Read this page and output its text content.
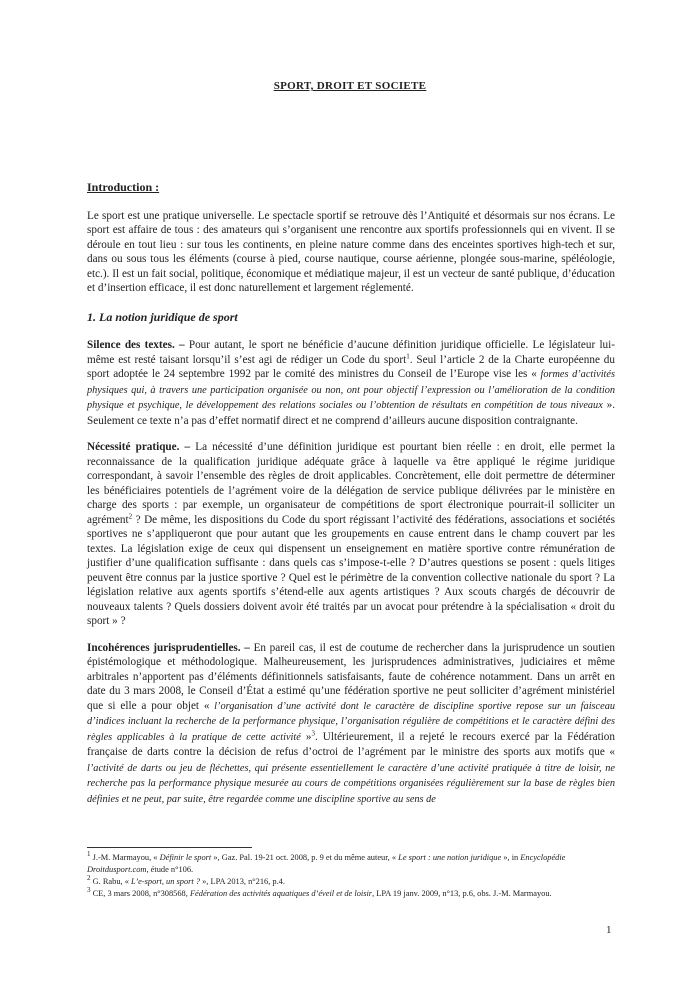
SPORT, DROIT ET SOCIETE
Introduction :

Le sport est une pratique universelle. Le spectacle sportif se retrouve dès l’Antiquité et désormais sur nos écrans. Le sport est affaire de tous : des amateurs qui s’organisent une rencontre aux sportifs professionnels qui en vivent. Il se déroule en tout lieu : sur tous les continents, en pleine nature comme dans des enceintes sportives high-tech et sur, dans ou sous tous les éléments (course à pied, course nautique, course aérienne, plongée sous-marine, spéléologie, etc.). Il est un fait social, politique, économique et médiatique majeur, il est un vecteur de santé publique, d’éducation et d’insertion efficace, il est donc naturellement et largement réglementé.

1. La notion juridique de sport

Silence des textes. – Pour autant, le sport ne bénéficie d’aucune définition juridique officielle. Le législateur lui-même est resté taisant lorsqu’il s’est agi de rédiger un Code du sport$^1$. Seul l’article 2 de la Charte européenne du sport adoptée le 24 septembre 1992 par le comité des ministres du Conseil de l’Europe vise les « formes d’activités physiques qui, à travers une participation organisée ou non, ont pour objectif l’expression ou l’amélioration de la condition physique et psychique, le développement des relations sociales ou l’obtention de résultats en compétition de tous niveaux ». Seulement ce texte n’a pas d’effet normatif direct et ne comprend d’ailleurs aucune disposition contraignante.

Nécessité pratique. – La nécessité d’une définition juridique est pourtant bien réelle : en droit, elle permet la reconnaissance de la qualification juridique adéquate grâce à laquelle va être appliqué le régime juridique correspondant, à savoir l’ensemble des règles de droit applicables. Concrètement, elle doit permettre de déterminer les bénéficiaires potentiels de l’agrément voire de la délégation de service publique délivrées par le ministère en charge des sports : par exemple, un organisateur de compétitions de sport électronique pourrait-il solliciter un agrément$^2$ ? De même, les dispositions du Code du sport régissant l’activité des fédérations, associations et sociétés sportives ne s’appliqueront que pour autant que les groupements en cause entrent dans le champ couvert par les textes. La législation exige de ceux qui dispensent un enseignement en matière sportive contre rémunération de justifier d’une qualification suffisante : dans quels cas s’impose-t-elle ? D’autres questions se posent : quels litiges peuvent être connus par la justice sportive ? Quel est le périmètre de la convention collective nationale du sport ? La législation relative aux agents sportifs s’étend-elle aux agents artistiques ? Aux scouts chargés de découvrir de nouveaux talents ? Quels dossiers doivent avoir été traités par un avocat pour prétendre à la spécialisation « droit du sport » ?

Incohérences jurisprudentielles. – En pareil cas, il est de coutume de rechercher dans la jurisprudence un soutien épistémologique et méthodologique. Malheureusement, les jurisprudences administratives, judiciaires et même arbitrales n’apportent pas d’éléments définitionnels satisfaisants, faute de cohérence notamment. Dans un arrêt en date du 3 mars 2008, le Conseil d’État a estimé qu’une fédération sportive ne peut solliciter d’agrément ministériel que si elle a pour objet « l’organisation d’une activité dont le caractère de discipline sportive repose sur un faisceau d’indices incluant la recherche de la performance physique, l’organisation régulière de compétitions et le caractère défini des règles applicables à la pratique de cette activité »$^3$. Ultérieurement, il a rejeté le recours exercé par la Fédération française de darts contre la décision de refus d’octroi de l’agrément par le ministre des sports aux motifs que « l’activité de darts ou jeu de fléchettes, qui présente essentiellement le caractère d’une activité pratiquée à titre de loisir, ne recherche pas la performance physique mesurée au cours de compétitions organisées régulièrement sur la base de règles bien définies et ne peut, par suite, être regardée comme une discipline sportive au sens de

$^1$ J.-M. Marmayou, « Définir le sport », Gaz. Pal. 19-21 oct. 2008, p. 9 et du même auteur, « Le sport : une notion juridique », in Encyclopédie Droitdusport.com, étude n°106.
$^2$ G. Rabu, « L’e-sport, un sport ? », LPA 2013, n°216, p.4.
$^3$ CE, 3 mars 2008, n°308568, Fédération des activités aquatiques d’éveil et de loisir, LPA 19 janv. 2009, n°13, p.6, obs. J.-M. Marmayou.
1
